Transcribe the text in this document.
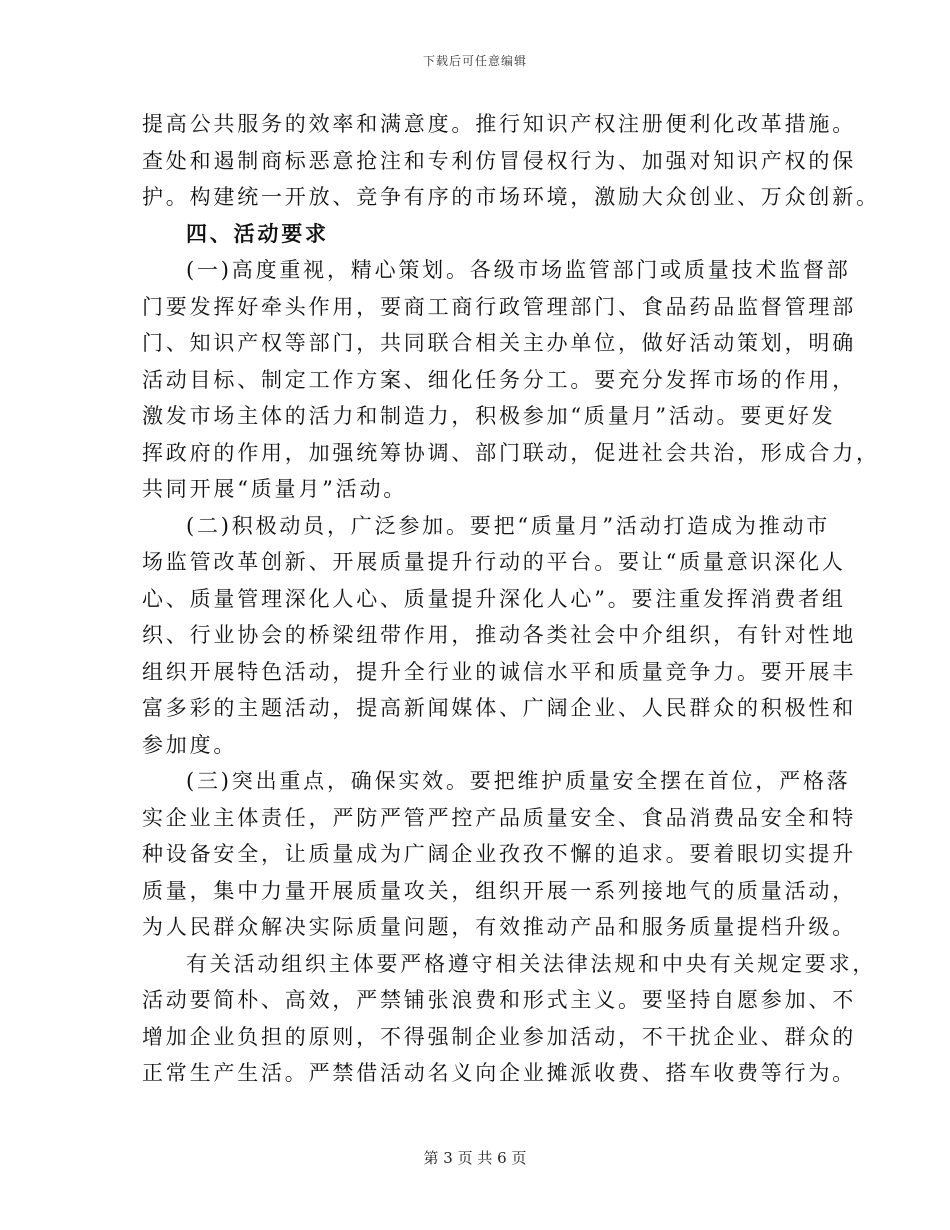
下载后可任意编辑
提高公共服务的效率和满意度。推行知识产权注册便利化改革措施。
查处和遏制商标恶意抢注和专利仿冒侵权行为、加强对知识产权的保
护。构建统一开放、竞争有序的市场环境，激励大众创业、万众创新。
四、活动要求
(一)高度重视，精心策划。各级市场监管部门或质量技术监督部
门要发挥好牵头作用，要商工商行政管理部门、食品药品监督管理部
门、知识产权等部门，共同联合相关主办单位，做好活动策划，明确
活动目标、制定工作方案、细化任务分工。要充分发挥市场的作用，
激发市场主体的活力和制造力，积极参加“质量月”活动。要更好发
挥政府的作用，加强统筹协调、部门联动，促进社会共治，形成合力，
共同开展“质量月”活动。
(二)积极动员，广泛参加。要把“质量月”活动打造成为推动市
场监管改革创新、开展质量提升行动的平台。要让“质量意识深化人
心、质量管理深化人心、质量提升深化人心”。要注重发挥消费者组
织、行业协会的桥梁纽带作用，推动各类社会中介组织，有针对性地
组织开展特色活动，提升全行业的诚信水平和质量竞争力。要开展丰
富多彩的主题活动，提高新闻媒体、广阔企业、人民群众的积极性和
参加度。
(三)突出重点，确保实效。要把维护质量安全摆在首位，严格落
实企业主体责任，严防严管严控产品质量安全、食品消费品安全和特
种设备安全，让质量成为广阔企业孜孜不懈的追求。要着眼切实提升
质量，集中力量开展质量攻关，组织开展一系列接地气的质量活动，
为人民群众解决实际质量问题，有效推动产品和服务质量提档升级。
有关活动组织主体要严格遵守相关法律法规和中央有关规定要求，
活动要简朴、高效，严禁铺张浪费和形式主义。要坚持自愿参加、不
增加企业负担的原则，不得强制企业参加活动，不干扰企业、群众的
正常生产生活。严禁借活动名义向企业摊派收费、搭车收费等行为。
第 3 页 共 6 页
